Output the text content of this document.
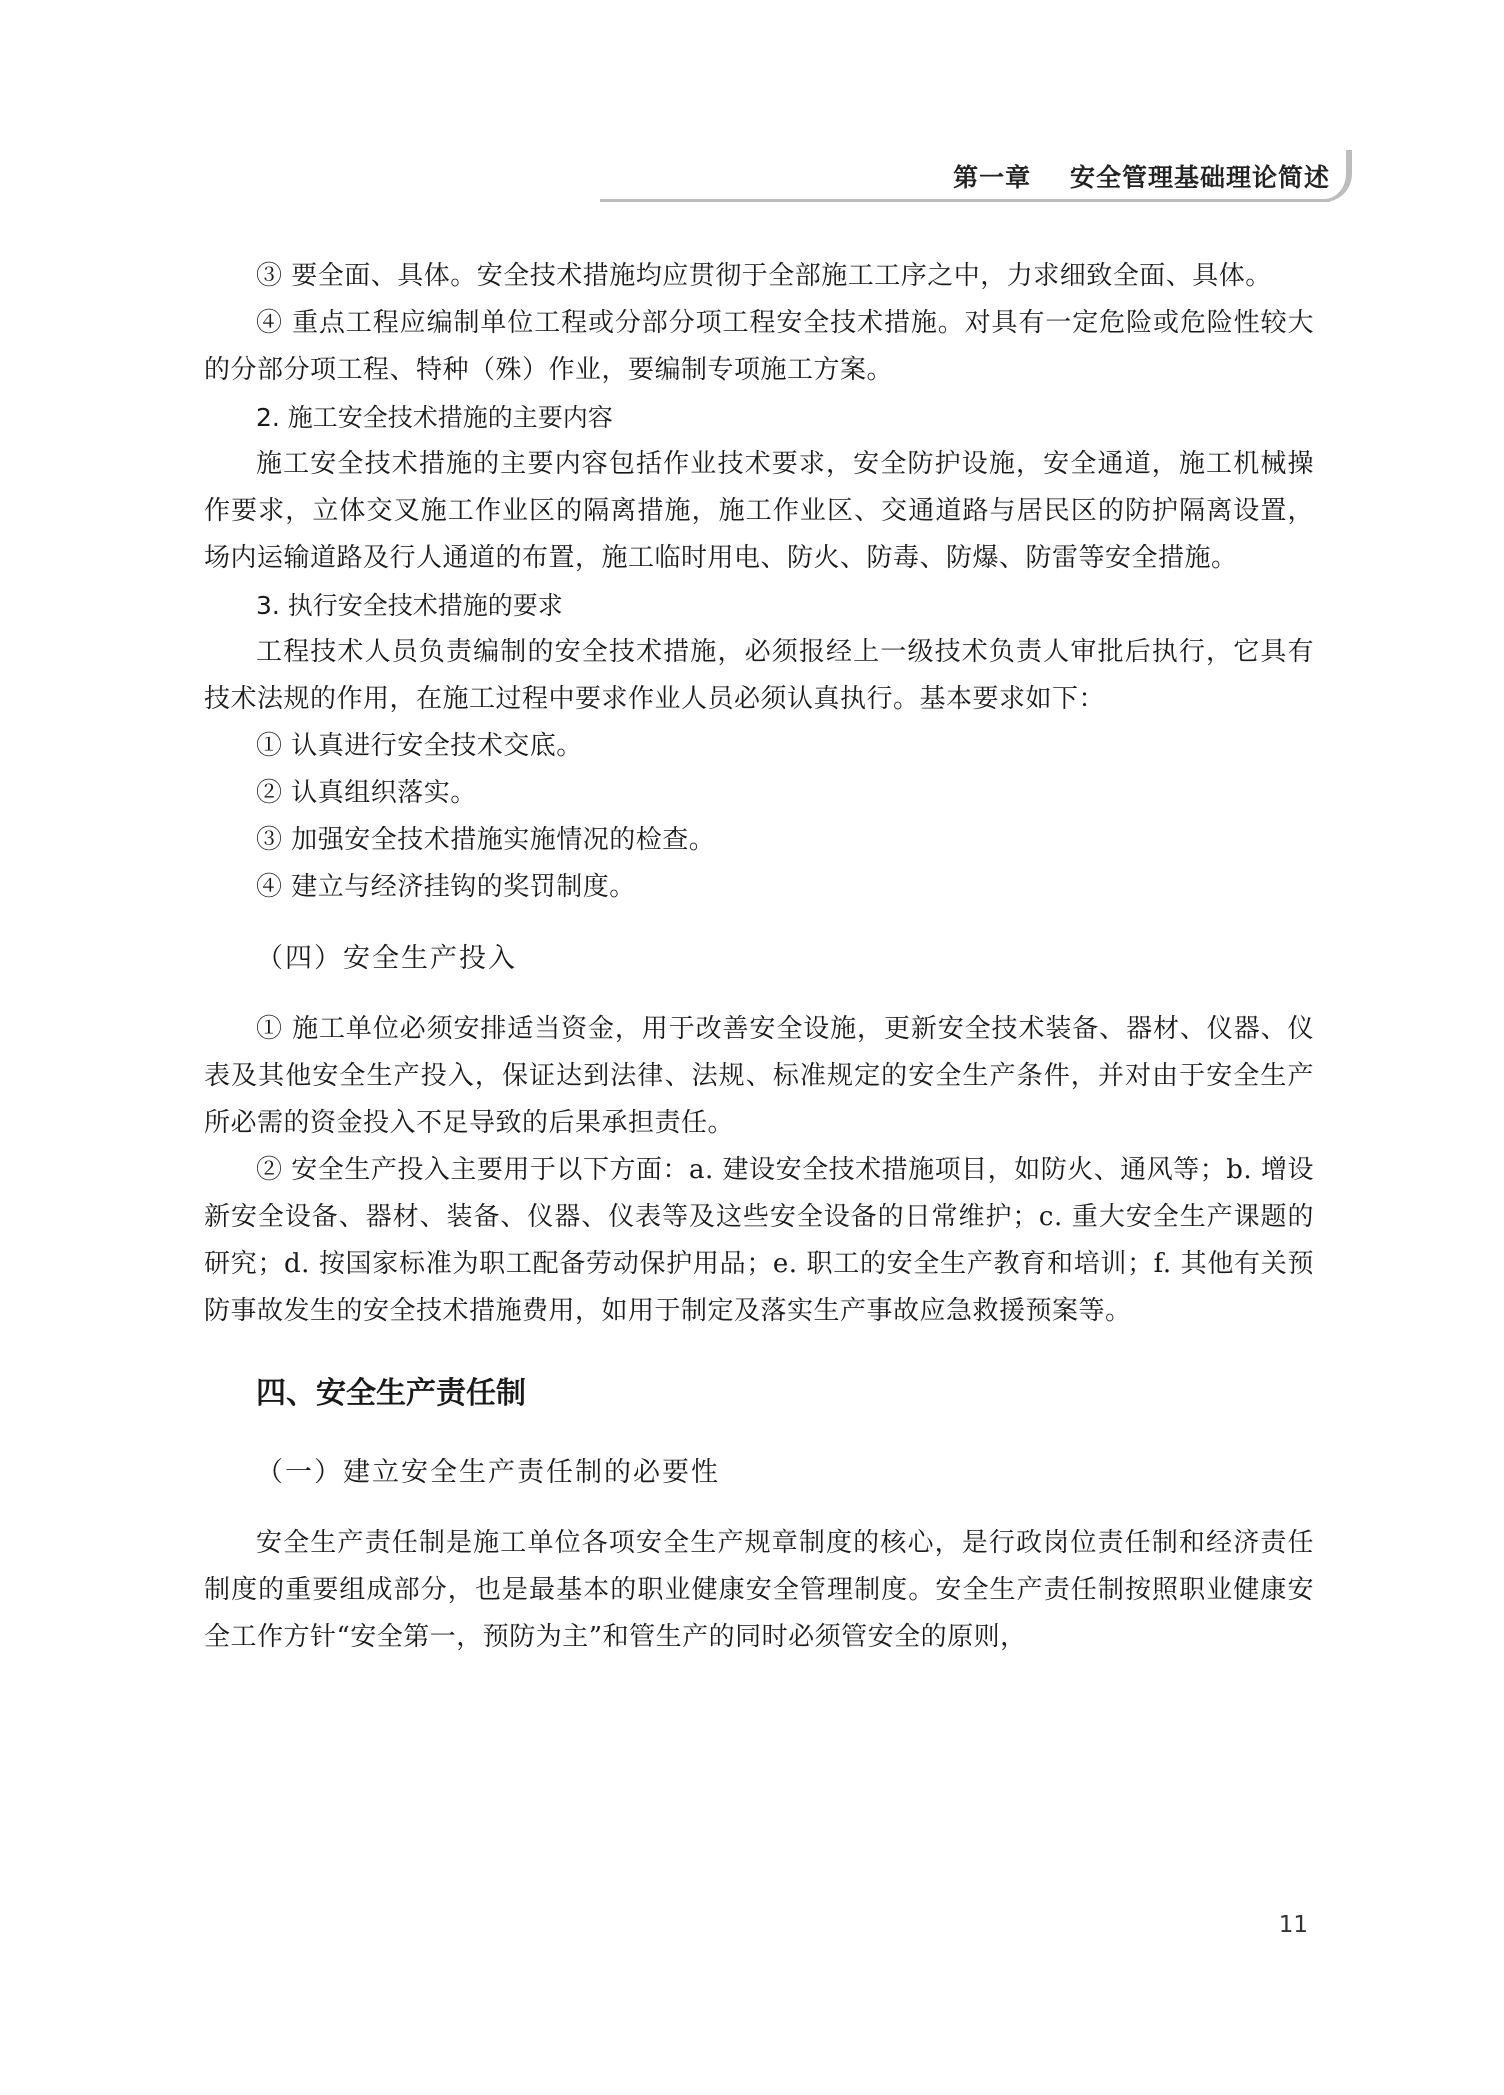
第一章    安全管理基础理论简述

③ 要全面、具体。安全技术措施均应贯彻于全部施工工序之中，力求细致全面、具体。

④ 重点工程应编制单位工程或分部分项工程安全技术措施。对具有一定危险或危险性较大的分部分项工程、特种（殊）作业，要编制专项施工方案。

2. 施工安全技术措施的主要内容

施工安全技术措施的主要内容包括作业技术要求，安全防护设施，安全通道，施工机械操作要求，立体交叉施工作业区的隔离措施，施工作业区、交通道路与居民区的防护隔离设置，场内运输道路及行人通道的布置，施工临时用电、防火、防毒、防爆、防雷等安全措施。

3. 执行安全技术措施的要求

工程技术人员负责编制的安全技术措施，必须报经上一级技术负责人审批后执行，它具有技术法规的作用，在施工过程中要求作业人员必须认真执行。基本要求如下：

① 认真进行安全技术交底。

② 认真组织落实。

③ 加强安全技术措施实施情况的检查。

④ 建立与经济挂钩的奖罚制度。

（四）安全生产投入

① 施工单位必须安排适当资金，用于改善安全设施，更新安全技术装备、器材、仪器、仪表及其他安全生产投入，保证达到法律、法规、标准规定的安全生产条件，并对由于安全生产所必需的资金投入不足导致的后果承担责任。

② 安全生产投入主要用于以下方面：a. 建设安全技术措施项目，如防火、通风等；b. 增设新安全设备、器材、装备、仪器、仪表等及这些安全设备的日常维护；c. 重大安全生产课题的研究；d. 按国家标准为职工配备劳动保护用品；e. 职工的安全生产教育和培训；f. 其他有关预防事故发生的安全技术措施费用，如用于制定及落实生产事故应急救援预案等。

四、安全生产责任制

（一）建立安全生产责任制的必要性

安全生产责任制是施工单位各项安全生产规章制度的核心，是行政岗位责任制和经济责任制度的重要组成部分，也是最基本的职业健康安全管理制度。安全生产责任制按照职业健康安全工作方针“安全第一，预防为主”和管生产的同时必须管安全的原则，

11
